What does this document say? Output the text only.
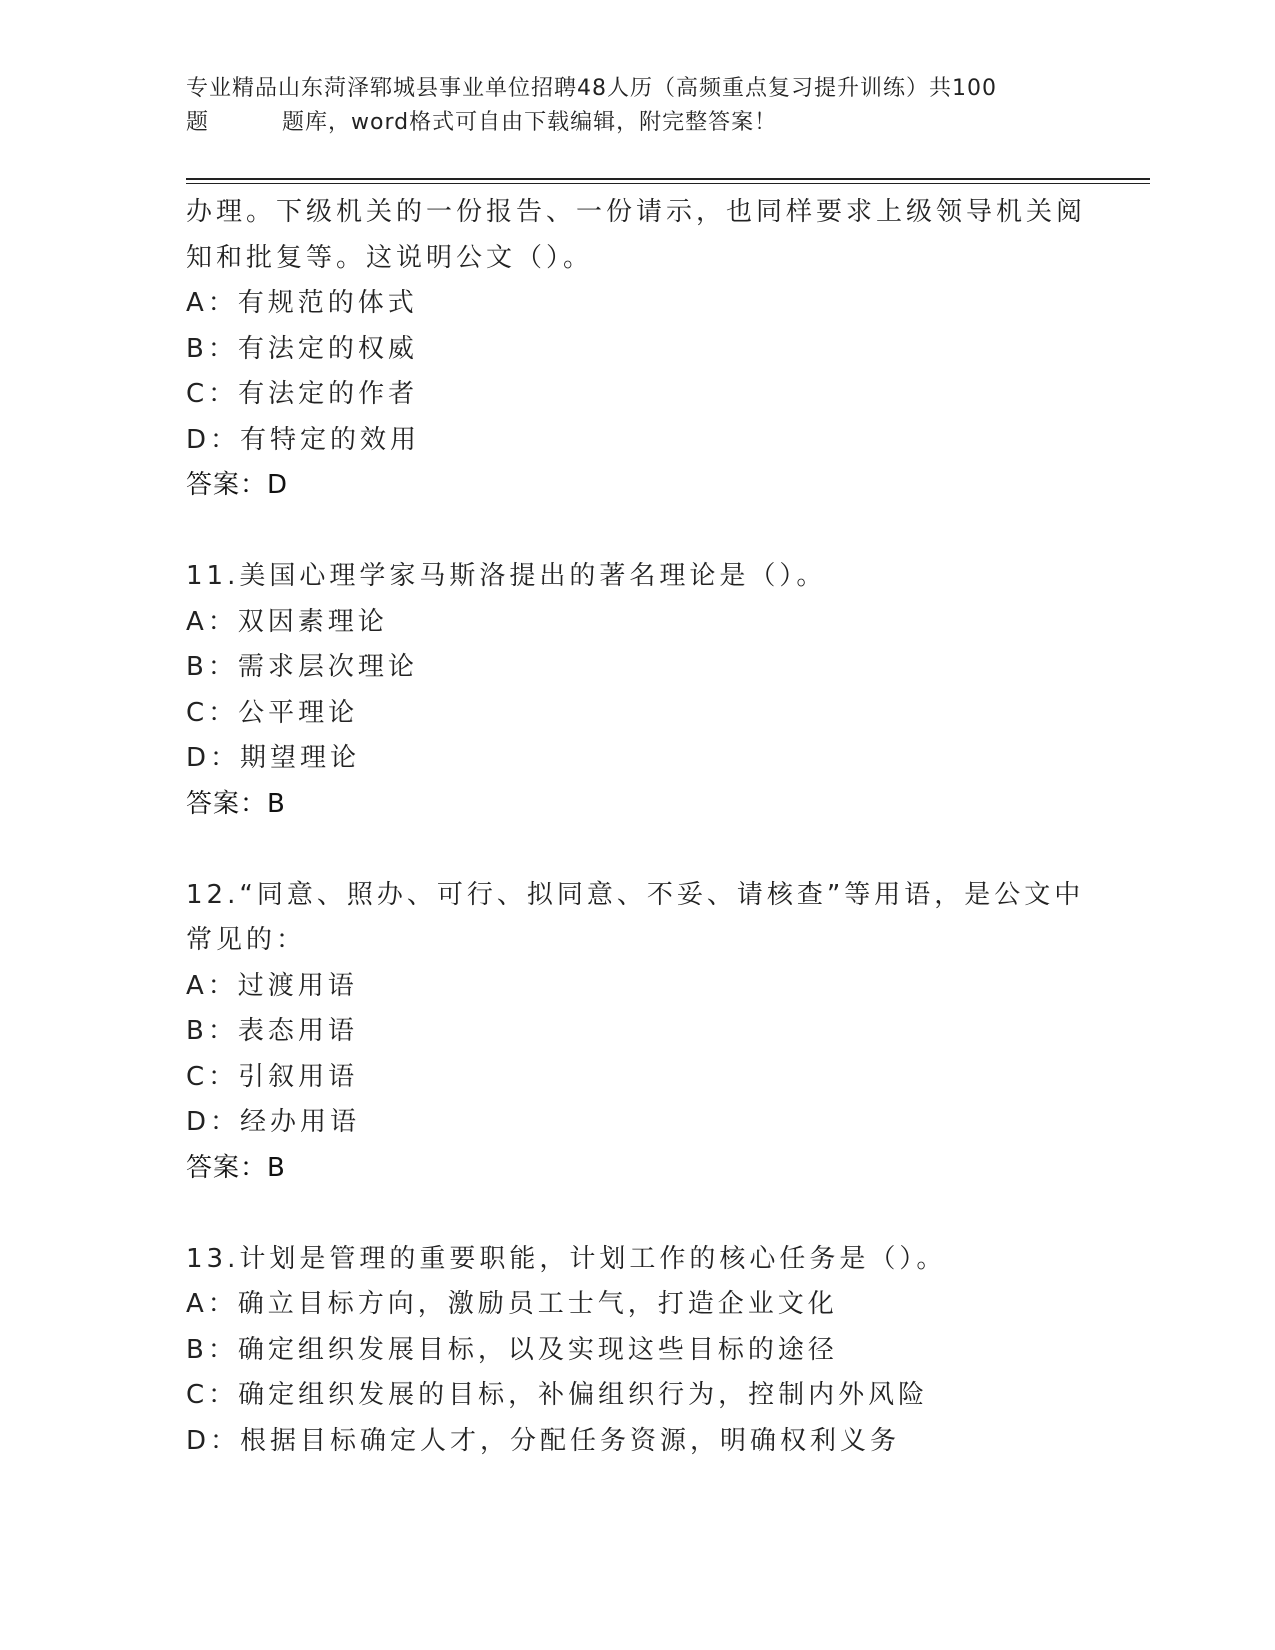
专业精品山东菏泽郓城县事业单位招聘48人历（高频重点复习提升训练）共100
题	题库，word格式可自由下载编辑，附完整答案！
办理。下级机关的一份报告、一份请示，也同样要求上级领导机关阅
知和批复等。这说明公文（）。
A：有规范的体式
B：有法定的权威
C：有法定的作者
D：有特定的效用
答案：D
11.美国心理学家马斯洛提出的著名理论是（）。
A：双因素理论
B：需求层次理论
C：公平理论
D：期望理论
答案：B
12.“同意、照办、可行、拟同意、不妥、请核查”等用语，是公文中
常见的：
A：过渡用语
B：表态用语
C：引叙用语
D：经办用语
答案：B
13.计划是管理的重要职能，计划工作的核心任务是（）。
A：确立目标方向，激励员工士气，打造企业文化
B：确定组织发展目标，以及实现这些目标的途径
C：确定组织发展的目标，补偏组织行为，控制内外风险
D：根据目标确定人才，分配任务资源，明确权利义务
